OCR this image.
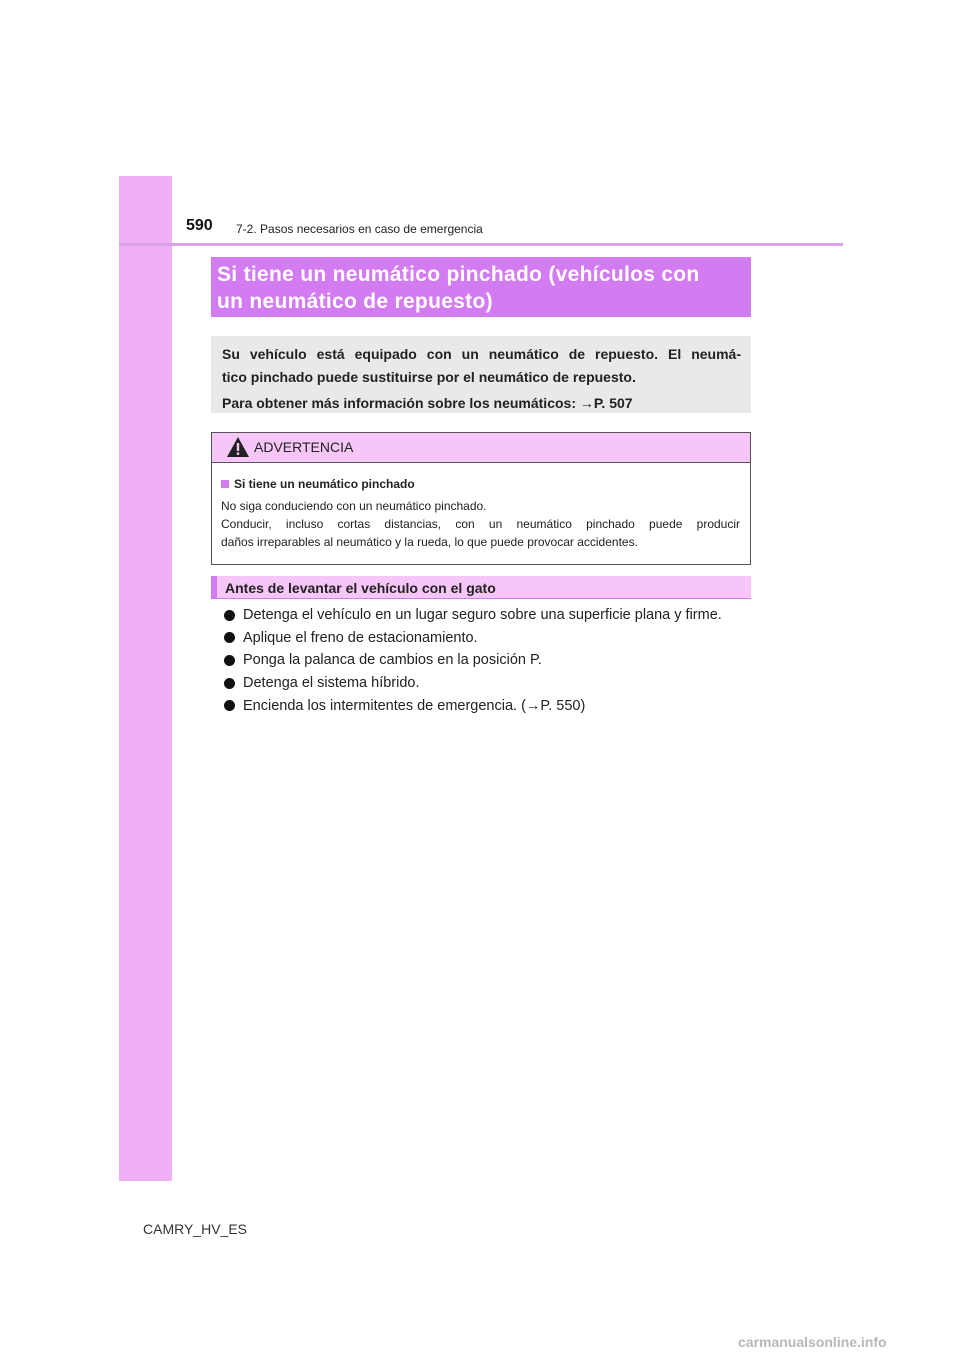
590 7-2. Pasos necesarios en caso de emergencia
Si tiene un neumático pinchado (vehículos con
un neumático de repuesto)

Su vehículo está equipado con un neumático de repuesto. El neumá-

tico pinchado puede sustituirse por el neumático de repuesto.

Para obtener más información sobre los neumáticos: →P. 507

ADVERTENCIA
Si tiene un neumático pinchado

No siga conduciendo con un neumático pinchado.

Conducir, incluso cortas distancias, con un neumático pinchado puede producir

daños irreparables al neumático y la rueda, lo que puede provocar accidentes.

Antes de levantar el vehículo con el gato
Detenga el vehículo en un lugar seguro sobre una superficie plana y firme.
Aplique el freno de estacionamiento.
Ponga la palanca de cambios en la posición P.
Detenga el sistema híbrido.
Encienda los intermitentes de emergencia. (→P. 550)
CAMRY_HV_ES
carmanualsonline.info
